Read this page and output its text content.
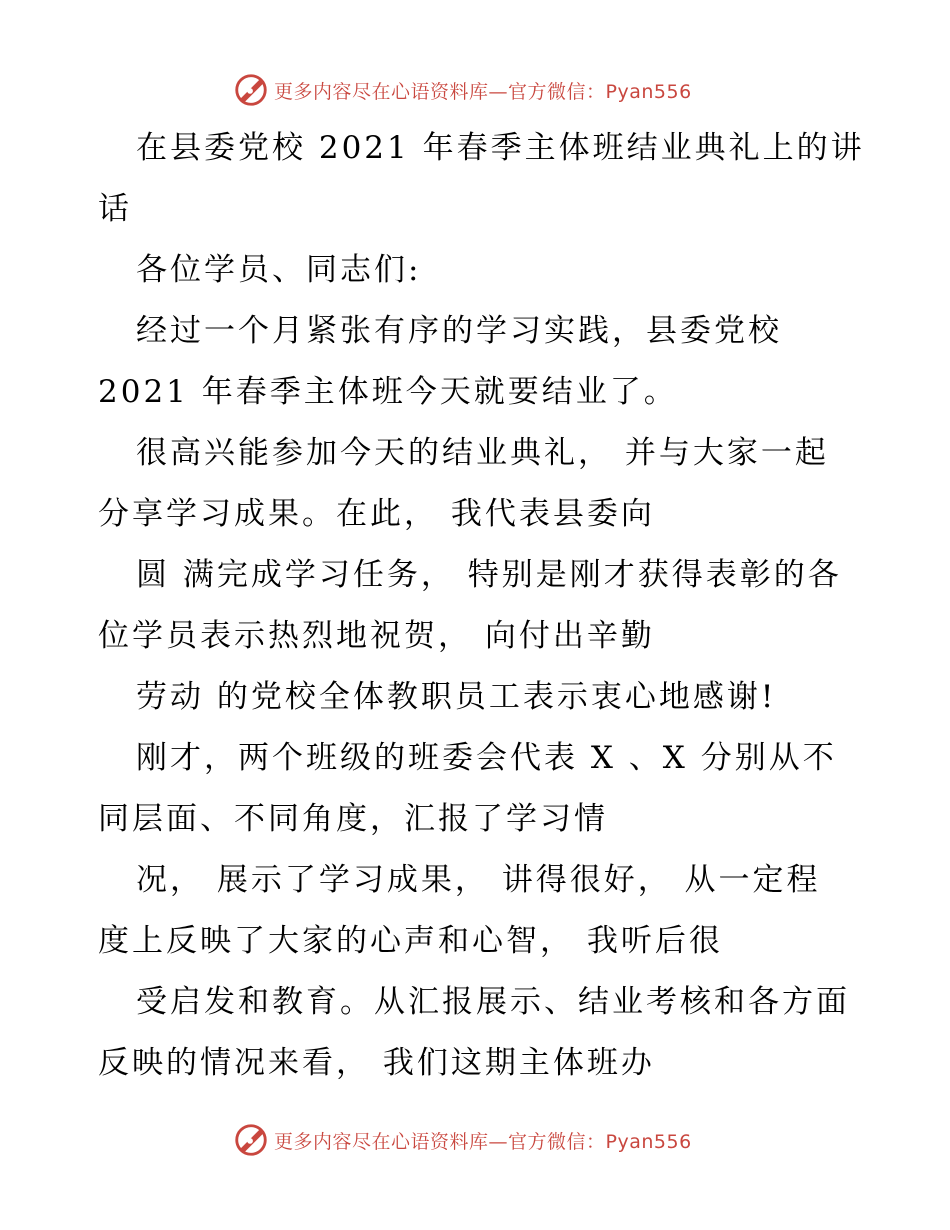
更多内容尽在心语资料库—官方微信：Pyan556
在县委党校 2021 年春季主体班结业典礼上的讲
话
各位学员、同志们:
经过一个月紧张有序的学习实践，县委党校
2021 年春季主体班今天就要结业了。
很高兴能参加今天的结业典礼， 并与大家一起
分享学习成果。在此， 我代表县委向
圆 满完成学习任务， 特别是刚才获得表彰的各
位学员表示热烈地祝贺， 向付出辛勤
劳动 的党校全体教职员工表示衷心地感谢!
刚才，两个班级的班委会代表 X 、X 分别从不
同层面、不同角度，汇报了学习情
况， 展示了学习成果， 讲得很好， 从一定程
度上反映了大家的心声和心智， 我听后很
受启发和教育。从汇报展示、结业考核和各方面
反映的情况来看， 我们这期主体班办
更多内容尽在心语资料库—官方微信：Pyan556
